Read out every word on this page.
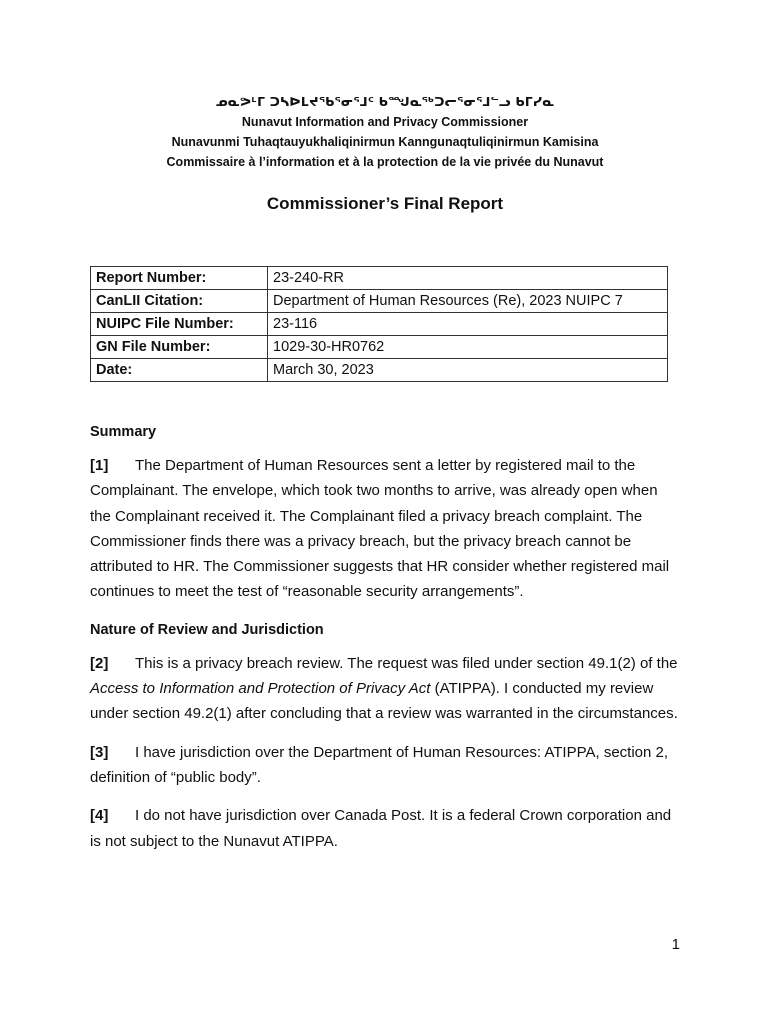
ᓄᓇᕗᒻᒥ ᑐᓴᐅᒪᔪᖃᕐᓂᕐᒧᑦ ᑲᙳᓇᖅᑐᓕᕐᓂᕐᒧᓪᓗ ᑲᒥᓯᓇ
Nunavut Information and Privacy Commissioner
Nunavunmi Tuhaqtauyukhaliqinirmun Kanngunaqtuliqinirmun Kamisina
Commissaire à l’information et à la protection de la vie privée du Nunavut
Commissioner’s Final Report
Report Number:	23-240-RR
CanLII Citation:	Department of Human Resources (Re), 2023 NUIPC 7
NUIPC File Number:	23-116
GN File Number:	1029-30-HR0762
Date:	March 30, 2023

Summary

[1] The Department of Human Resources sent a letter by registered mail to the Complainant. The envelope, which took two months to arrive, was already open when the Complainant received it. The Complainant filed a privacy breach complaint. The Commissioner finds there was a privacy breach, but the privacy breach cannot be attributed to HR. The Commissioner suggests that HR consider whether registered mail continues to meet the test of “reasonable security arrangements”.

Nature of Review and Jurisdiction

[2] This is a privacy breach review. The request was filed under section 49.1(2) of the Access to Information and Protection of Privacy Act (ATIPPA). I conducted my review under section 49.2(1) after concluding that a review was warranted in the circumstances.

[3] I have jurisdiction over the Department of Human Resources: ATIPPA, section 2, definition of “public body”.

[4] I do not have jurisdiction over Canada Post. It is a federal Crown corporation and is not subject to the Nunavut ATIPPA.

1
